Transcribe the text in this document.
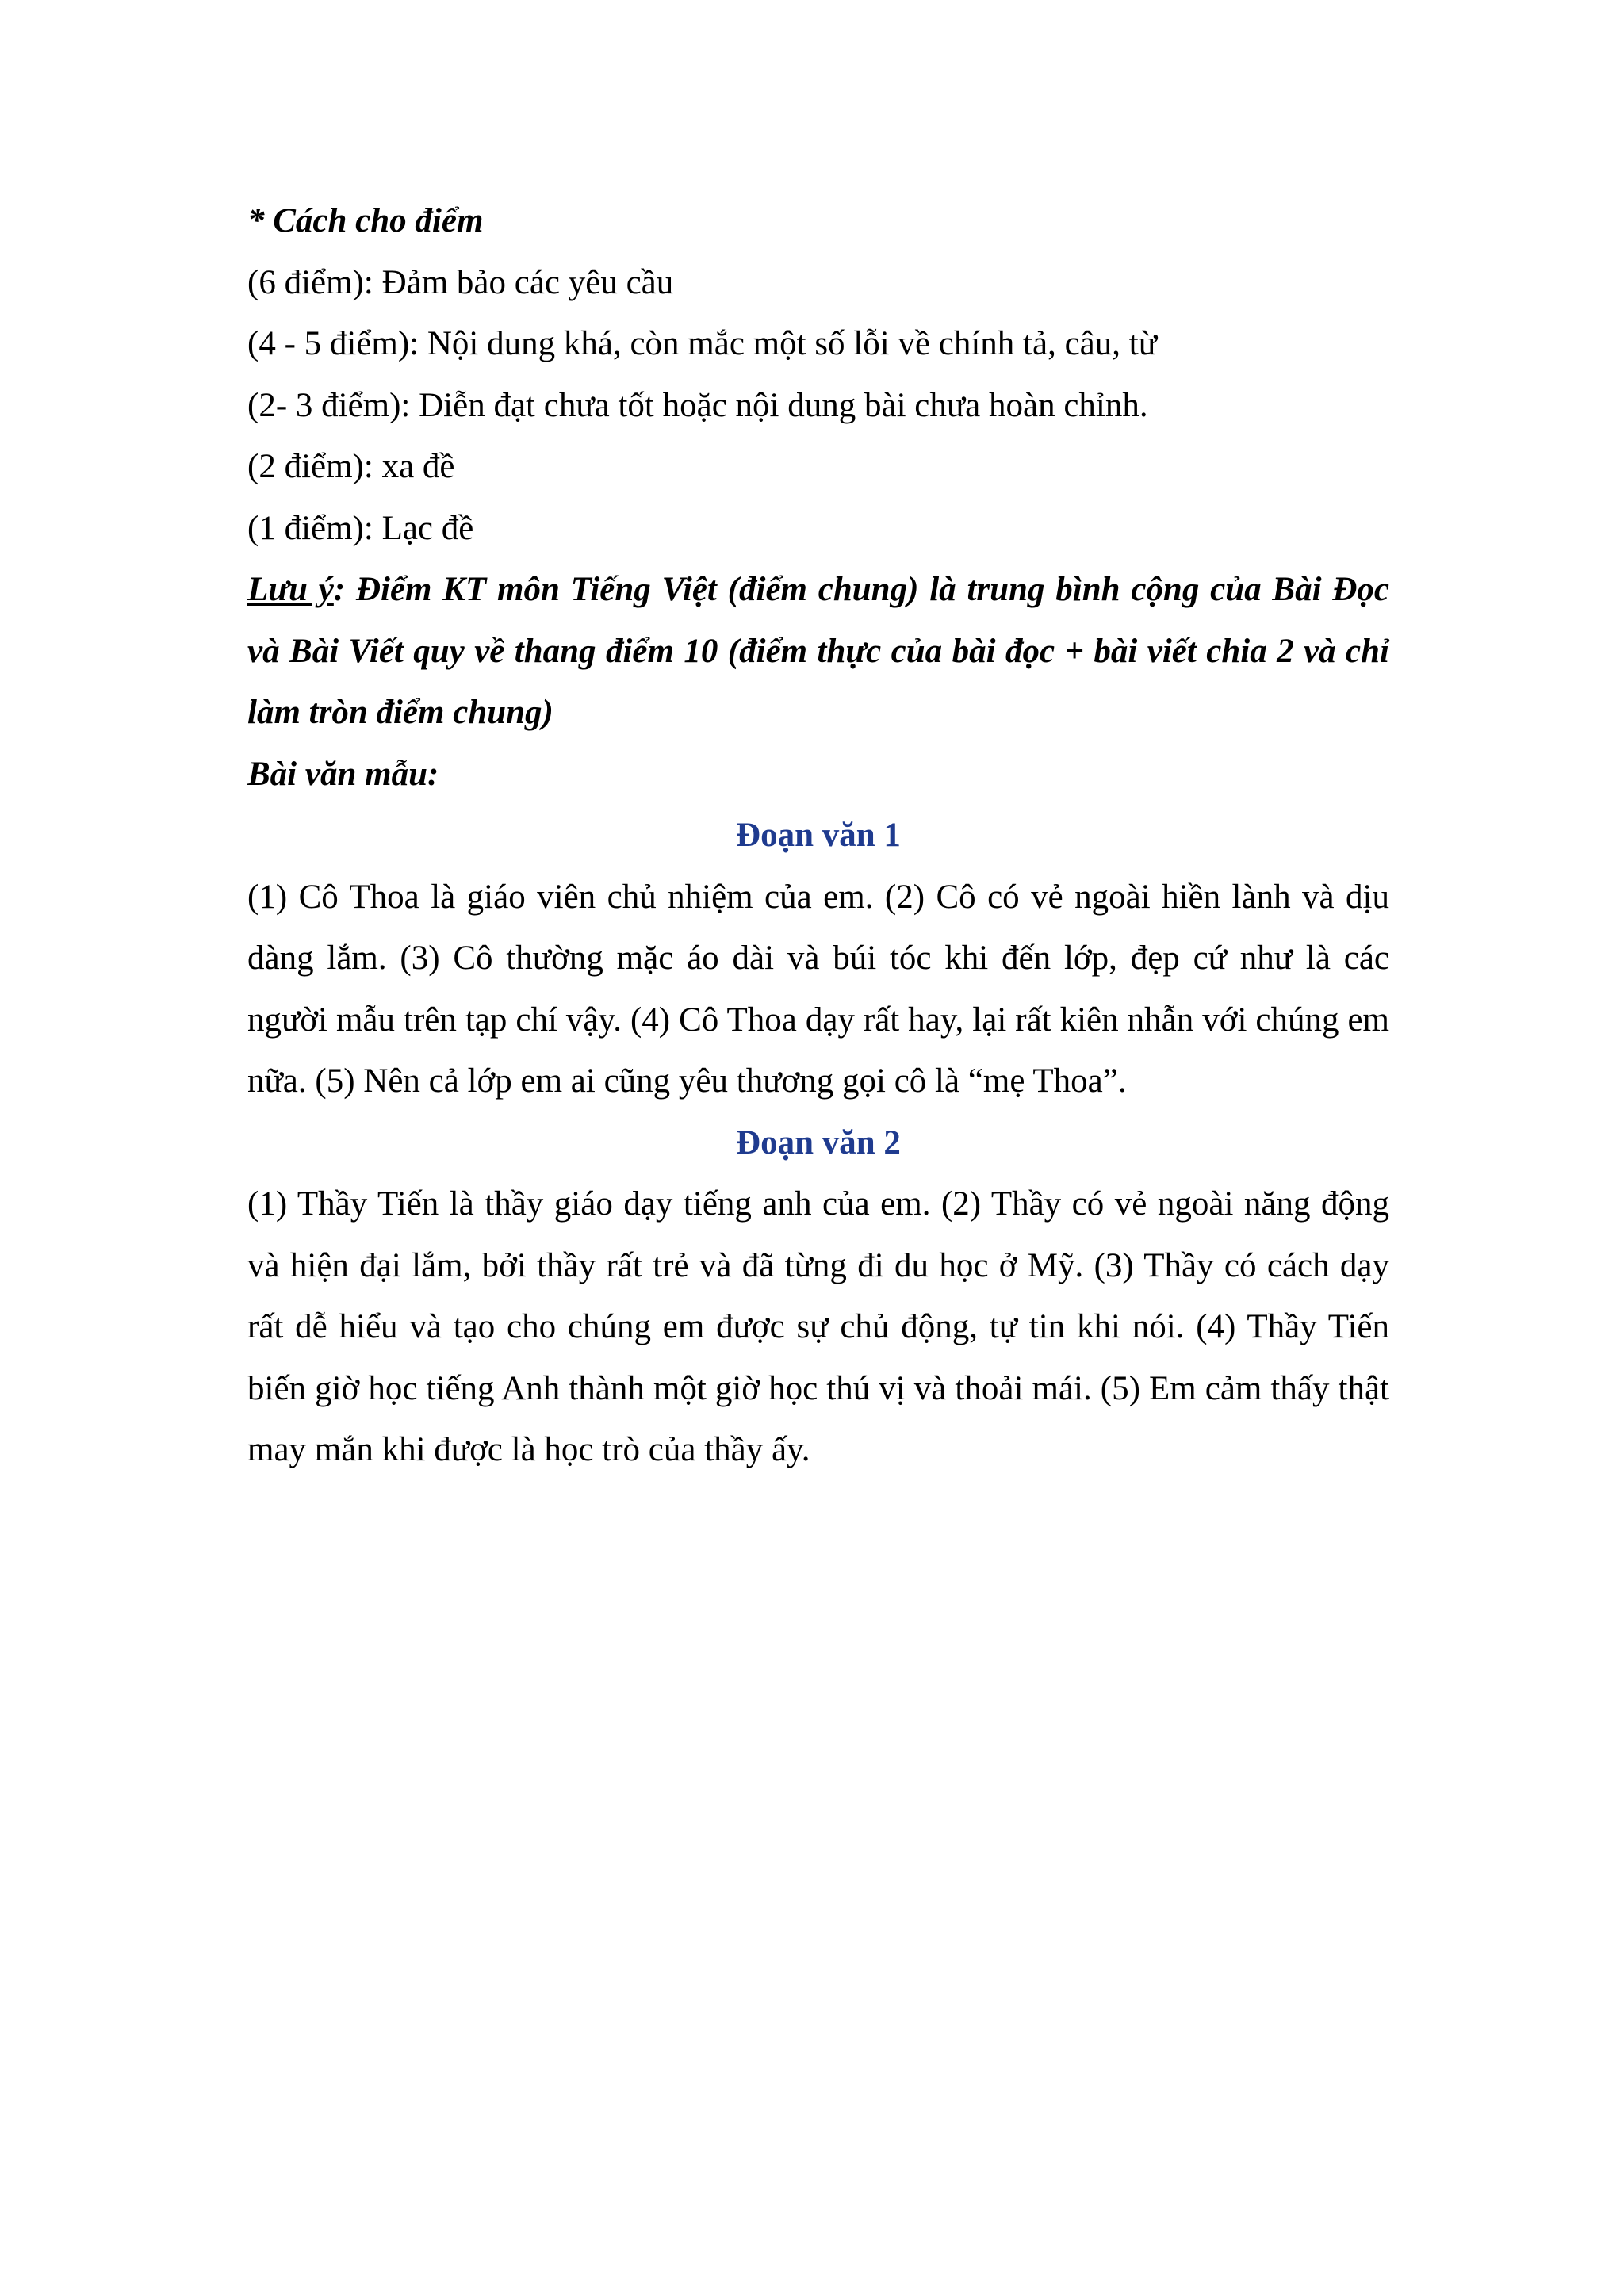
* Cách cho điểm

(6 điểm): Đảm bảo các yêu cầu

(4 - 5 điểm): Nội dung khá, còn mắc một số lỗi về chính tả, câu, từ

(2- 3 điểm): Diễn đạt chưa tốt hoặc nội dung bài chưa hoàn chỉnh.

(2 điểm): xa đề

(1 điểm): Lạc đề

Lưu ý: Điểm KT môn Tiếng Việt (điểm chung) là trung bình cộng của Bài Đọc và Bài Viết quy về thang điểm 10 (điểm thực của bài đọc + bài viết chia 2 và chỉ làm tròn điểm chung)

Bài văn mẫu:

Đoạn văn 1

(1) Cô Thoa là giáo viên chủ nhiệm của em. (2) Cô có vẻ ngoài hiền lành và dịu dàng lắm. (3) Cô thường mặc áo dài và búi tóc khi đến lớp, đẹp cứ như là các người mẫu trên tạp chí vậy. (4) Cô Thoa dạy rất hay, lại rất kiên nhẫn với chúng em nữa. (5) Nên cả lớp em ai cũng yêu thương gọi cô là “mẹ Thoa”.

Đoạn văn 2

(1) Thầy Tiến là thầy giáo dạy tiếng anh của em. (2) Thầy có vẻ ngoài năng động và hiện đại lắm, bởi thầy rất trẻ và đã từng đi du học ở Mỹ. (3) Thầy có cách dạy rất dễ hiểu và tạo cho chúng em được sự chủ động, tự tin khi nói. (4) Thầy Tiến biến giờ học tiếng Anh thành một giờ học thú vị và thoải mái. (5) Em cảm thấy thật may mắn khi được là học trò của thầy ấy.
